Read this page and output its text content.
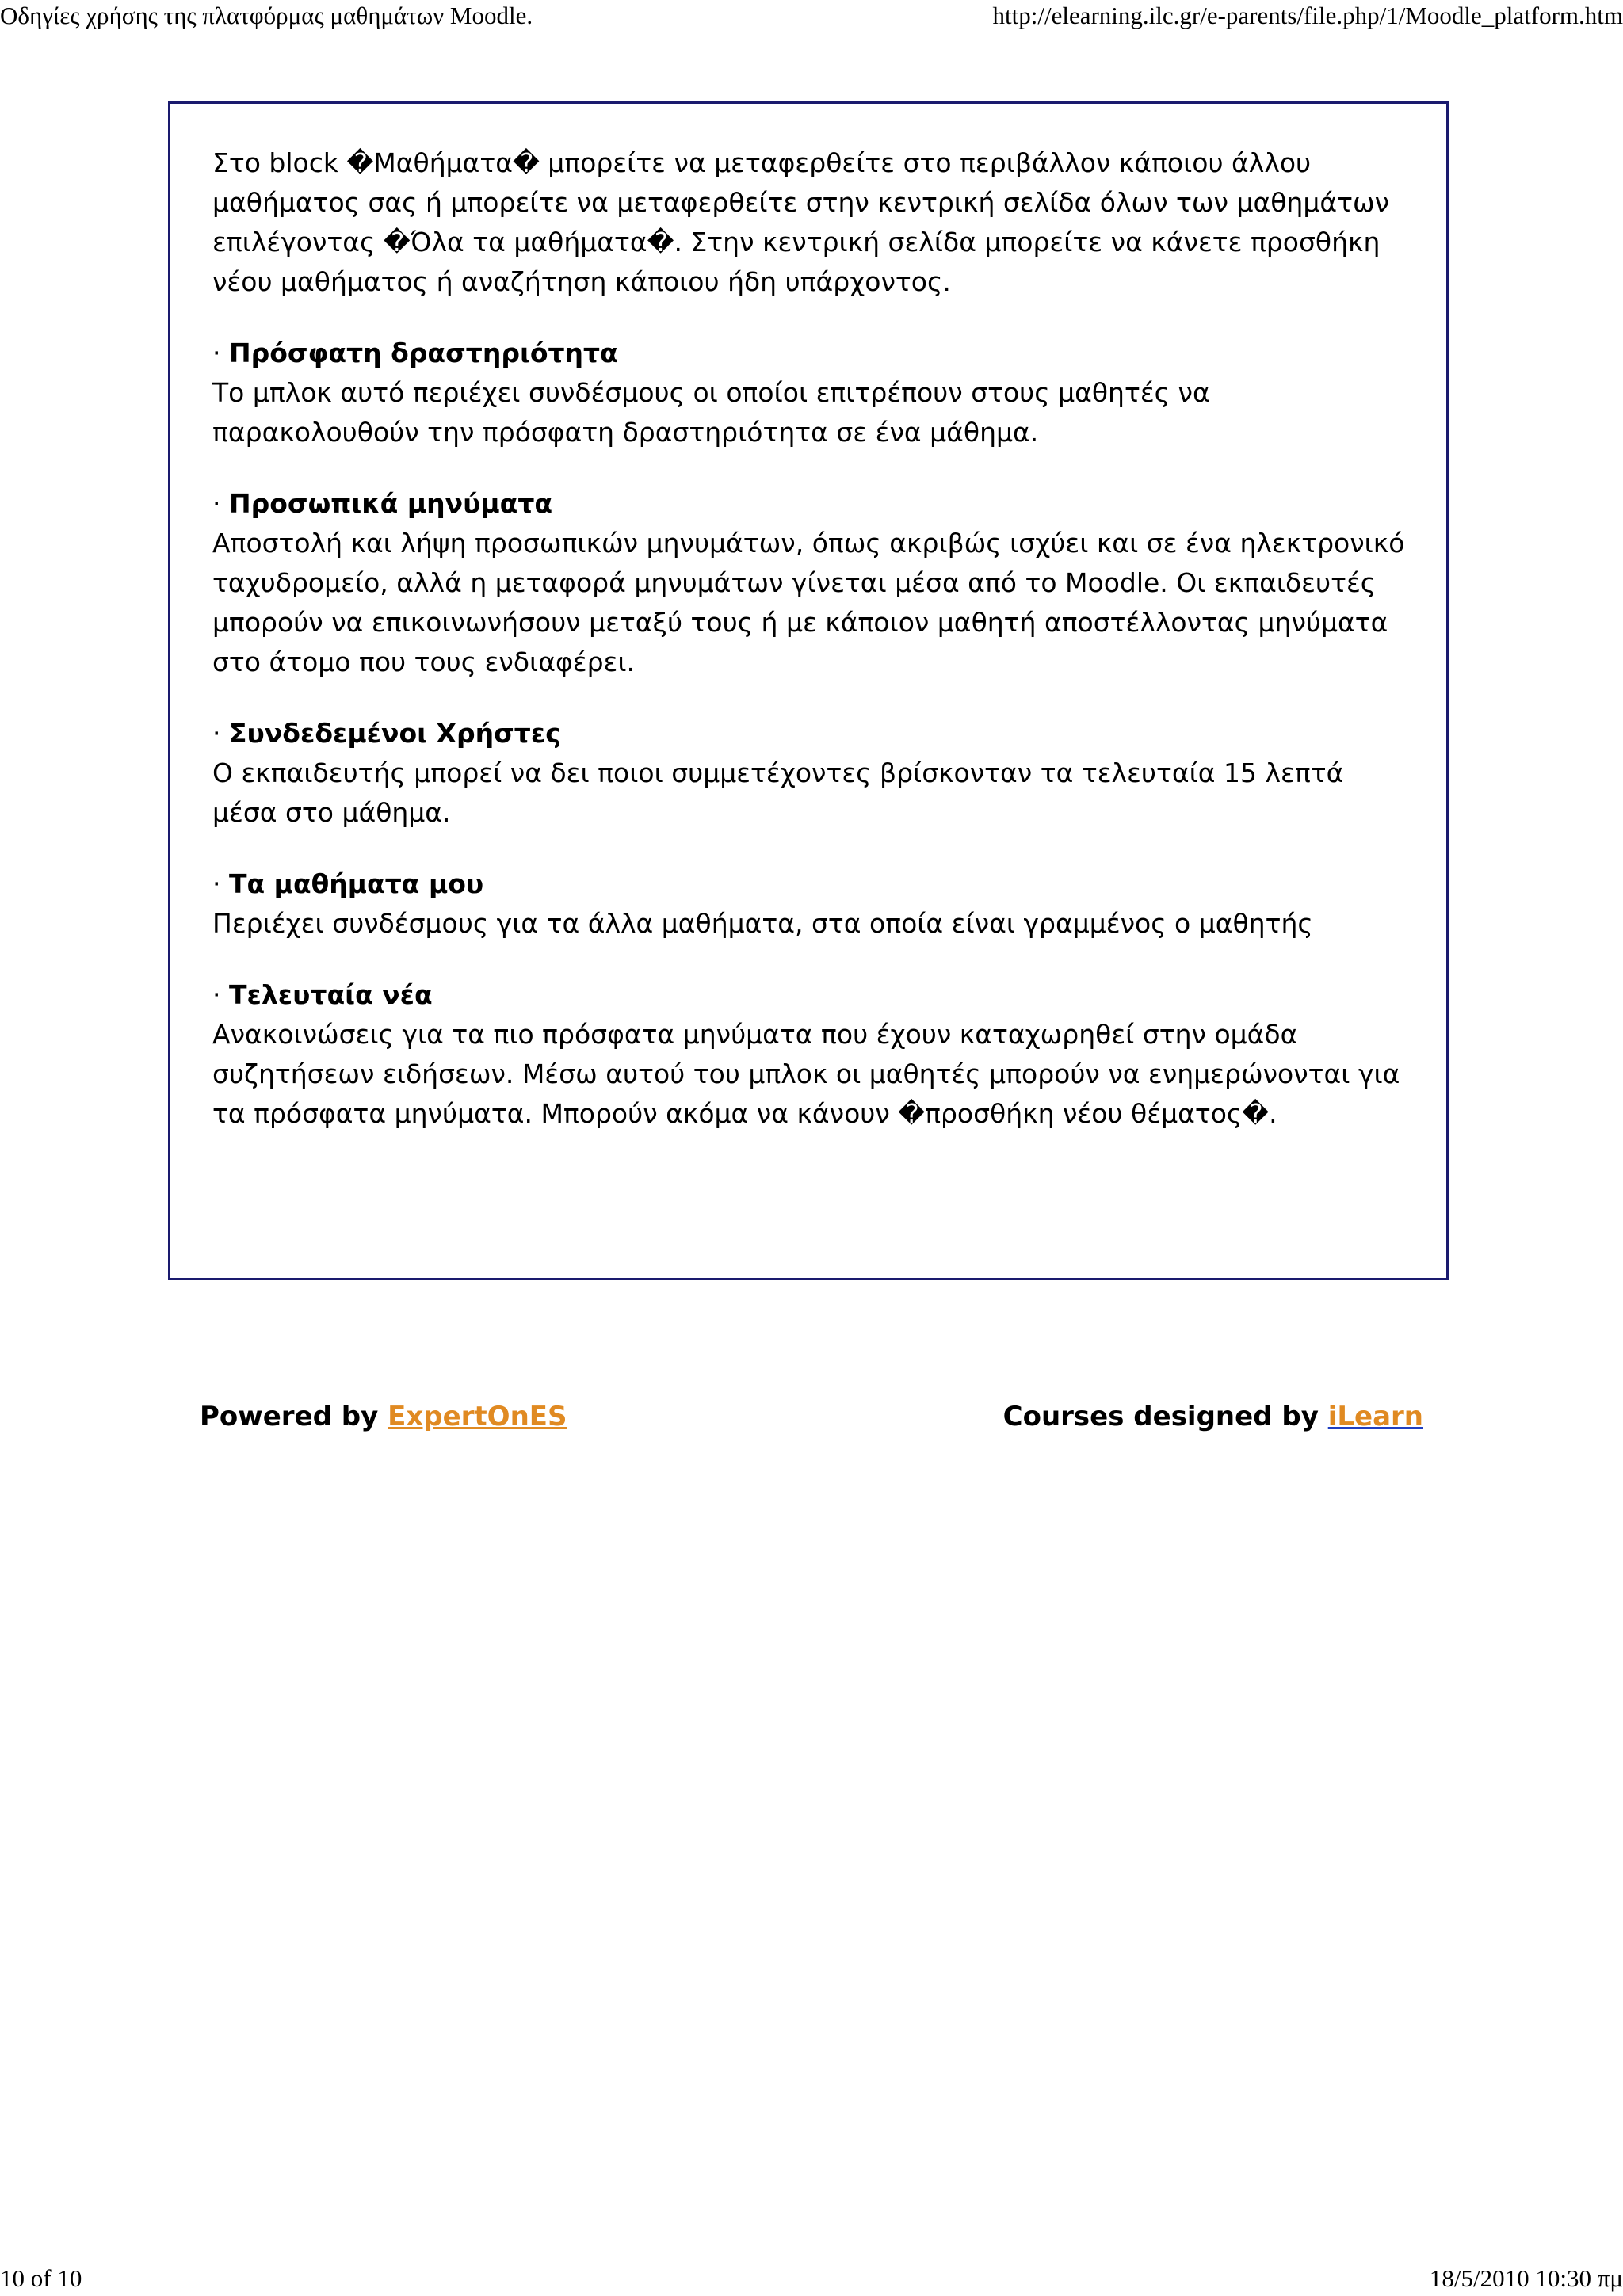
Οδηγίες χρήσης της πλατφόρμας μαθημάτων Moodle.	http://elearning.ilc.gr/e-parents/file.php/1/Moodle_platform.htm

Στο block �Μαθήματα� μπορείτε να μεταφερθείτε στο περιβάλλον κάποιου άλλου μαθήματος σας ή μπορείτε να μεταφερθείτε στην κεντρική σελίδα όλων των μαθημάτων επιλέγοντας �Όλα τα μαθήματα�. Στην κεντρική σελίδα μπορείτε να κάνετε προσθήκη νέου μαθήματος ή αναζήτηση κάποιου ήδη υπάρχοντος.

· Πρόσφατη δραστηριότητα
Το μπλοκ αυτό περιέχει συνδέσμους οι οποίοι επιτρέπουν στους μαθητές να παρακολουθούν την πρόσφατη δραστηριότητα σε ένα μάθημα.

· Προσωπικά μηνύματα
Αποστολή και λήψη προσωπικών μηνυμάτων, όπως ακριβώς ισχύει και σε ένα ηλεκτρονικό ταχυδρομείο, αλλά η μεταφορά μηνυμάτων γίνεται μέσα από το Moodle. Οι εκπαιδευτές μπορούν να επικοινωνήσουν μεταξύ τους ή με κάποιον μαθητή αποστέλλοντας μηνύματα στο άτομο που τους ενδιαφέρει.

· Συνδεδεμένοι Χρήστες
Ο εκπαιδευτής μπορεί να δει ποιοι συμμετέχοντες βρίσκονταν τα τελευταία 15 λεπτά μέσα στο μάθημα.

· Τα μαθήματα μου
Περιέχει συνδέσμους για τα άλλα μαθήματα, στα οποία είναι γραμμένος ο μαθητής

· Τελευταία νέα
Ανακοινώσεις για τα πιο πρόσφατα μηνύματα που έχουν καταχωρηθεί στην ομάδα συζητήσεων ειδήσεων. Μέσω αυτού του μπλοκ οι μαθητές μπορούν να ενημερώνονται για τα πρόσφατα μηνύματα. Μπορούν ακόμα να κάνουν �προσθήκη νέου θέματος�.

Powered by ExpertOnES	Courses designed by iLearn
10 of 10	18/5/2010 10:30 πμ
